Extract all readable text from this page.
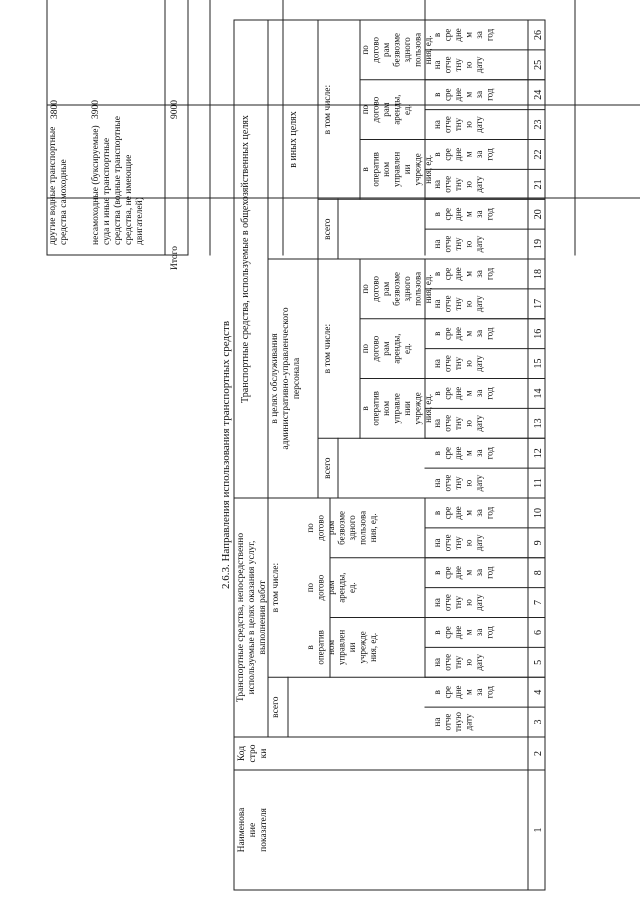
другие водные транспортныесредства самоходные
3800
несамоходные (буксируемые)суда и иные транспортныесредства (водные транспортныесредства, не имеющиедвигателей)
3900
Итого
9000
2.6.3. Направления использования транспортных средств
Наименованиепоказателя
Кодстроки
Транспортные средства, непосредственноиспользуемые в целях оказания услуг,выполнения работ
Транспортные средства, используемые в общехозяйственных целях в целях обслуживанияадминистративно-управленческогоперсонала
в иных целях
всего
всего
всего
в том числе:
в том числе:
в том числе:
воперативномуправленииучреждения, ед.
подоговорамаренды,ед.
подоговорамбезвозмездногопользования, ед.
воперативномуправленииучреждения, ед.
подоговорамаренды,ед.
подоговорамбезвозмездногопользования, ед.
воперативномуправленииучреждения, ед.
подоговорамаренды,ед.
подоговорамбезвозмездногопользования, ед.
наотчетнуюдату
всреднемзагод
наотчетнуюдату
всреднемзагод
наотчетнуюдату
всреднемзагод
наотчетнуюдату
всреднемзагод
наотчетнуюдату
всреднемзагод
наотчетнуюдату
всреднемзагод
наотчетнуюдату
всреднемзагод
наотчетнуюдату
всреднемзагод
наотчетнуюдату
всреднемзагод
наотчетнуюдату
всреднемзагод
наотчетнуюдату
всреднемзагод
наотчетнуюдату
всреднемзагод
1
2
3
4
5
6
7
8
9
10
11
12
13
14
15
16
17
18
19
20
21
22
23
24
25
26
